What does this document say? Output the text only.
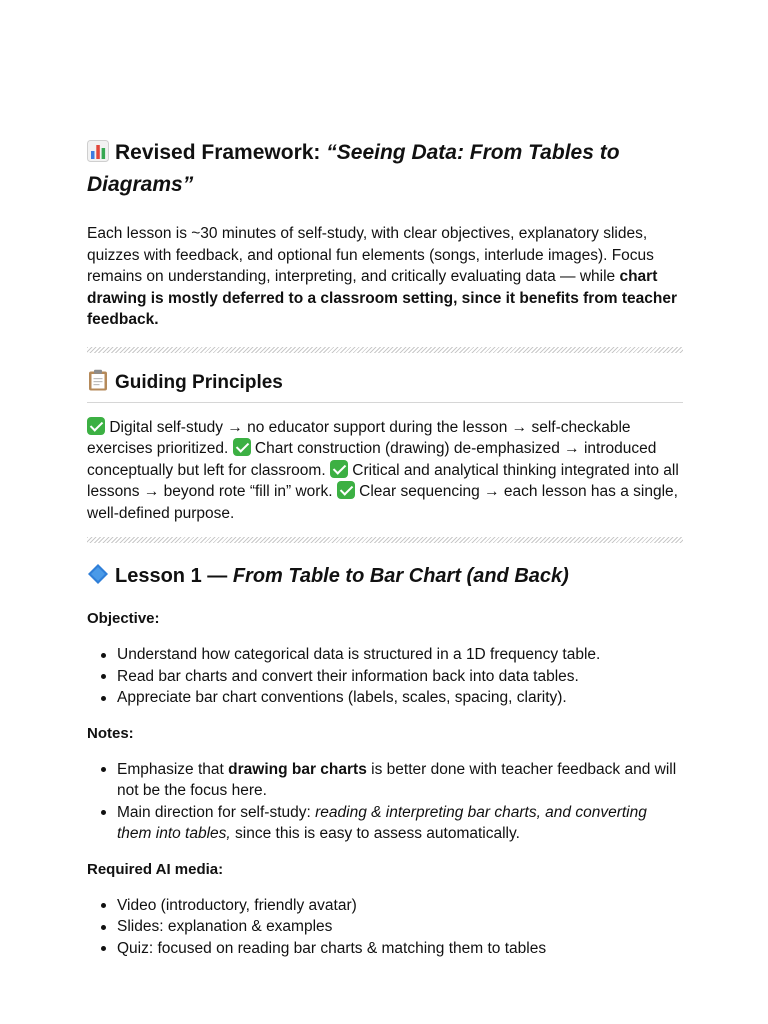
Revised Framework: “Seeing Data: From Tables to Diagrams”

Each lesson is ~30 minutes of self-study, with clear objectives, explanatory slides, quizzes with feedback, and optional fun elements (songs, interlude images). Focus remains on understanding, interpreting, and critically evaluating data — while chart drawing is mostly deferred to a classroom setting, since it benefits from teacher feedback.

Guiding Principles

Digital self-study → no educator support during the lesson → self-checkable exercises prioritized. Chart construction (drawing) de-emphasized → introduced conceptually but left for classroom. Critical and analytical thinking integrated into all lessons → beyond rote “fill in” work. Clear sequencing → each lesson has a single, well-defined purpose.

Lesson 1 — From Table to Bar Chart (and Back)

Objective:

Understand how categorical data is structured in a 1D frequency table.
Read bar charts and convert their information back into data tables.
Appreciate bar chart conventions (labels, scales, spacing, clarity).

Notes:

Emphasize that drawing bar charts is better done with teacher feedback and will not be the focus here.
Main direction for self-study: reading & interpreting bar charts, and converting them into tables, since this is easy to assess automatically.

Required AI media:

Video (introductory, friendly avatar)
Slides: explanation & examples
Quiz: focused on reading bar charts & matching them to tables
